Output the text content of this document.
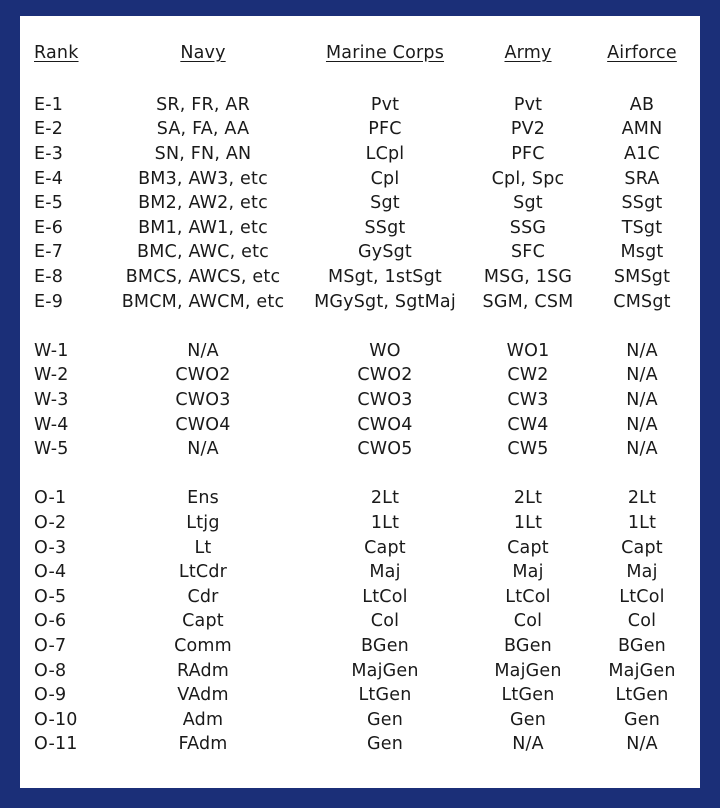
Rank	Navy	Marine Corps	Army	Airforce

E-1	SR, FR, AR	Pvt	Pvt	AB
E-2	SA, FA, AA	PFC	PV2	AMN
E-3	SN, FN, AN	LCpl	PFC	A1C
E-4	BM3, AW3, etc	Cpl	Cpl, Spc	SRA
E-5	BM2, AW2, etc	Sgt	Sgt	SSgt
E-6	BM1, AW1, etc	SSgt	SSG	TSgt
E-7	BMC, AWC, etc	GySgt	SFC	Msgt
E-8	BMCS, AWCS, etc	MSgt, 1stSgt	MSG, 1SG	SMSgt
E-9	BMCM, AWCM, etc	MGySgt, SgtMaj	SGM, CSM	CMSgt

W-1	N/A	WO	WO1	N/A
W-2	CWO2	CWO2	CW2	N/A
W-3	CWO3	CWO3	CW3	N/A
W-4	CWO4	CWO4	CW4	N/A
W-5	N/A	CWO5	CW5	N/A

O-1	Ens	2Lt	2Lt	2Lt
O-2	Ltjg	1Lt	1Lt	1Lt
O-3	Lt	Capt	Capt	Capt
O-4	LtCdr	Maj	Maj	Maj
O-5	Cdr	LtCol	LtCol	LtCol
O-6	Capt	Col	Col	Col
O-7	Comm	BGen	BGen	BGen
O-8	RAdm	MajGen	MajGen	MajGen
O-9	VAdm	LtGen	LtGen	LtGen
O-10	Adm	Gen	Gen	Gen
O-11	FAdm	Gen	N/A	N/A
